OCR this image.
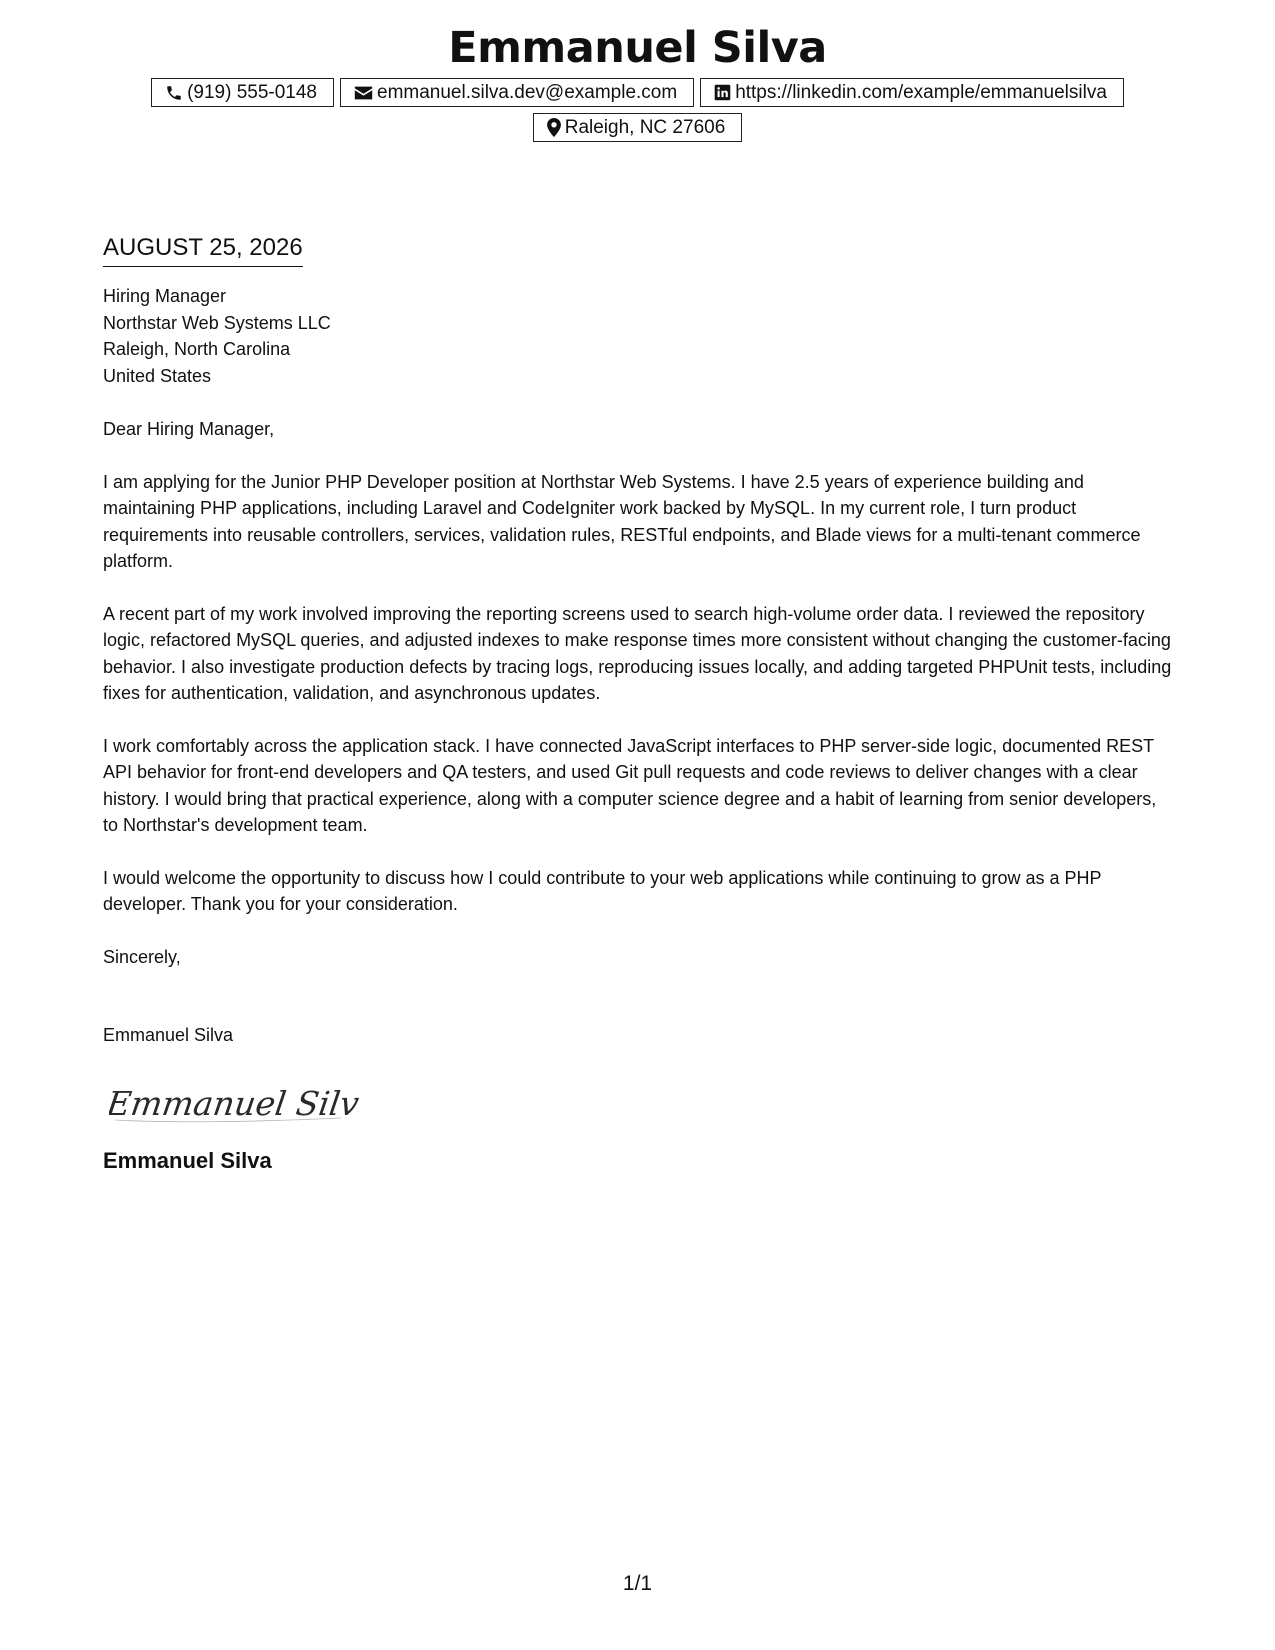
Emmanuel Silva
(919) 555-0148	emmanuel.silva.dev@example.com	https://linkedin.com/example/emmanuelsilva
Raleigh, NC 27606
AUGUST 25, 2026
Hiring Manager
Northstar Web Systems LLC
Raleigh, North Carolina
United States

Dear Hiring Manager,

I am applying for the Junior PHP Developer position at Northstar Web Systems. I have 2.5 years of experience building and maintaining PHP applications, including Laravel and CodeIgniter work backed by MySQL. In my current role, I turn product requirements into reusable controllers, services, validation rules, RESTful endpoints, and Blade views for a multi-tenant commerce platform.

A recent part of my work involved improving the reporting screens used to search high-volume order data. I reviewed the repository logic, refactored MySQL queries, and adjusted indexes to make response times more consistent without changing the customer-facing behavior. I also investigate production defects by tracing logs, reproducing issues locally, and adding targeted PHPUnit tests, including fixes for authentication, validation, and asynchronous updates.

I work comfortably across the application stack. I have connected JavaScript interfaces to PHP server-side logic, documented REST API behavior for front-end developers and QA testers, and used Git pull requests and code reviews to deliver changes with a clear history. I would bring that practical experience, along with a computer science degree and a habit of learning from senior developers, to Northstar's development team.

I would welcome the opportunity to discuss how I could contribute to your web applications while continuing to grow as a PHP developer. Thank you for your consideration.

Sincerely,
Emmanuel Silva
Emmanuel Silva
Emmanuel Silva
1/1
